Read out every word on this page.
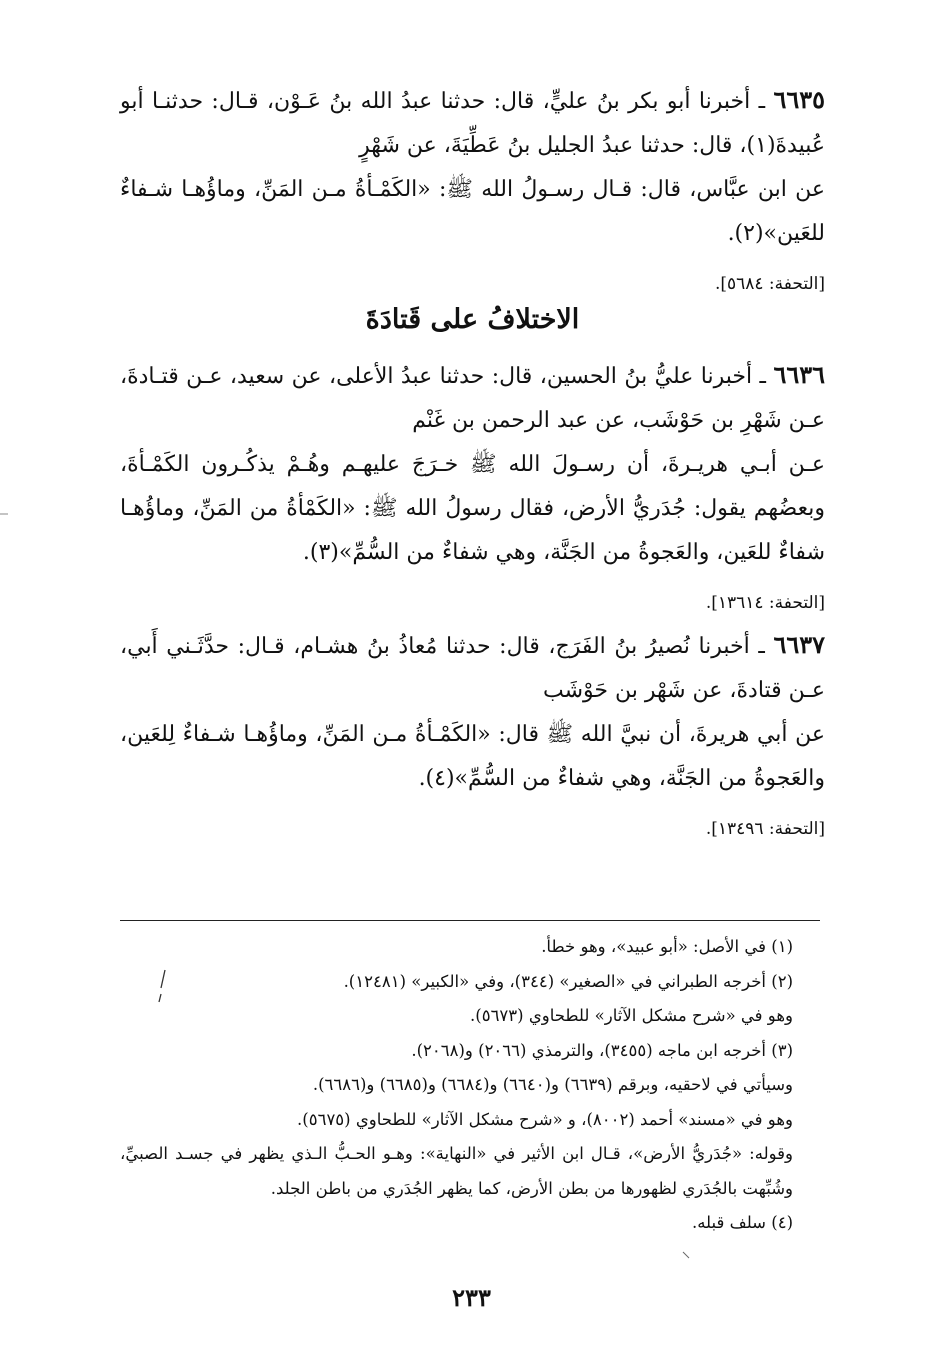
٦٦٣٥ ـ أخبرنا أبو بكر بنُ عليٍّ، قال: حدثنا عبدُ الله بنُ عَـوْن، قـال: حدثنـا أبو عُبيدةَ(١)، قال: حدثنا عبدُ الجليل بنُ عَطِّيَةَ، عن شَهْرٍ

عن ابن عبَّاس، قال: قـال رسـولُ الله ﷺ: «الكَمْـأةُ مـن المَنِّ، وماؤُهـا شـفاءٌ للعَين»(٢).

[التحفة: ٥٦٨٤].

الاختلافُ على قَتادَةَ

٦٦٣٦ ـ أخبرنا عليُّ بنُ الحسين، قال: حدثنا عبدُ الأعلى، عن سعيد، عـن قتـادةَ، عـن شَهْرِ بن حَوْشَب، عن عبد الرحمن بن غَنْم

عـن أبـي هريـرةَ، أن رسـولَ الله ﷺ خـرَجَ عليهـم وهُـمْ يذكُـرون الكَمْـأةَ، وبعضُهم يقول: جُدَريُّ الأرض، فقال رسولُ الله ﷺ: «الكَمْأةُ من المَنِّ، وماؤُهـا شفاءٌ للعَين، والعَجوةُ من الجَنَّة، وهي شفاءٌ من السُّمِّ»(٣).

[التحفة: ١٣٦١٤].

٦٦٣٧ ـ أخبرنا نُصيرُ بنُ الفَرَج، قال: حدثنا مُعاذُ بنُ هشـام، قـال: حدَّثَـني أَبي، عـن قتادةَ، عن شَهْر بن حَوْشَب

عن أبي هريرةَ، أن نبيَّ الله ﷺ قال: «الكَمْـأةُ مـن المَنِّ، وماؤُهـا شـفاءٌ لِلعَين، والعَجوةُ من الجَنَّة، وهي شفاءٌ من السُّمِّ»(٤).

[التحفة: ١٣٤٩٦].

(١) في الأصل: «أبو عبيد»، وهو خطأ.

(٢) أخرجه الطبراني في «الصغير» (٣٤٤)، وفي «الكبير» (١٢٤٨١).

وهو في «شرح مشكل الآثار» للطحاوي (٥٦٧٣).

(٣) أخرجه ابن ماجه (٣٤٥٥)، والترمذي (٢٠٦٦) و(٢٠٦٨).

وسيأتي في لاحقيه، وبرقم (٦٦٣٩) و(٦٦٤٠) و(٦٦٨٤) و(٦٦٨٥) و(٦٦٨٦).

وهو في «مسند» أحمد (٨٠٠٢)، و «شرح مشكل الآثار» للطحاوي (٥٦٧٥).

وقوله: «جُدَريُّ الأرض»، قـال ابن الأثير في «النهاية»: وهـو الحـبُّ الـذي يظهر في جسـد الصبيِّ، وشُبِّهت بالجُدَري لظهورها من بطن الأرض، كما يظهر الجُدَري من باطن الجلد.

(٤) سلف قبله.

٢٣٣
